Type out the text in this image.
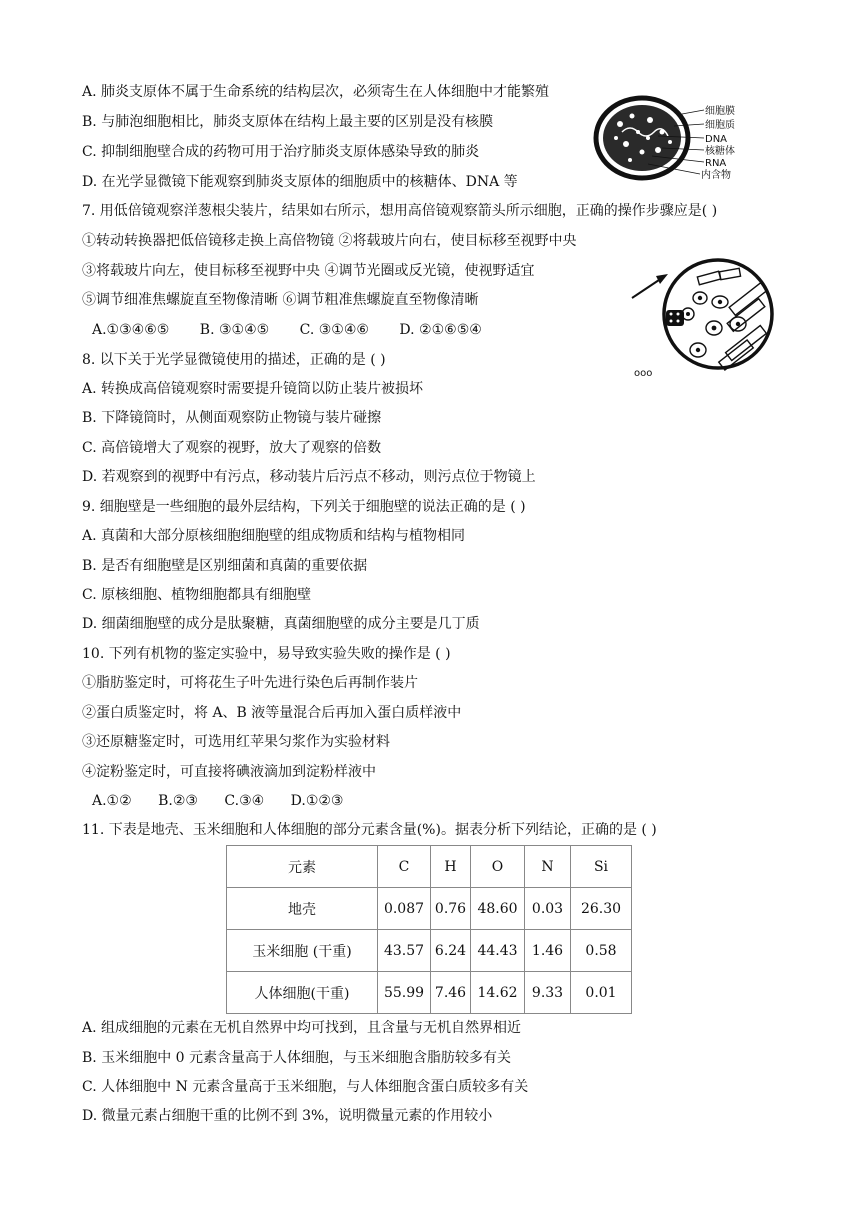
A. 肺炎支原体不属于生命系统的结构层次，必须寄生在人体细胞中才能繁殖
B. 与肺泡细胞相比，肺炎支原体在结构上最主要的区别是没有核膜
C. 抑制细胞壁合成的药物可用于治疗肺炎支原体感染导致的肺炎
D. 在光学显微镜下能观察到肺炎支原体的细胞质中的核糖体、DNA 等
细胞膜
细胞质
DNA
核糖体
RNA
内含物
7. 用低倍镜观察洋葱根尖装片，结果如右所示，想用高倍镜观察箭头所示细胞，正确的操作步骤应是( )
①转动转换器把低倍镜移走换上高倍物镜 ②将载玻片向右，使目标移至视野中央
③将载玻片向左，使目标移至视野中央 ④调节光圈或反光镜，使视野适宜
⑤调节细准焦螺旋直至物像清晰 ⑥调节粗准焦螺旋直至物像清晰
A.①③④⑥⑤ B. ③①④⑤ C. ③①④⑥ D. ②①⑥⑤④
ooo
8. 以下关于光学显微镜使用的描述，正确的是 ( )
A. 转换成高倍镜观察时需要提升镜筒以防止装片被损坏
B. 下降镜筒时，从侧面观察防止物镜与装片碰擦
C. 高倍镜增大了观察的视野，放大了观察的倍数
D. 若观察到的视野中有污点，移动装片后污点不移动，则污点位于物镜上
9. 细胞壁是一些细胞的最外层结构，下列关于细胞壁的说法正确的是 ( )
A. 真菌和大部分原核细胞细胞壁的组成物质和结构与植物相同
B. 是否有细胞壁是区别细菌和真菌的重要依据
C. 原核细胞、植物细胞都具有细胞壁
D. 细菌细胞壁的成分是肽聚糖，真菌细胞壁的成分主要是几丁质
10. 下列有机物的鉴定实验中，易导致实验失败的操作是 ( )
①脂肪鉴定时，可将花生子叶先进行染色后再制作装片
②蛋白质鉴定时，将 A、B 液等量混合后再加入蛋白质样液中
③还原糖鉴定时，可选用红苹果匀浆作为实验材料
④淀粉鉴定时，可直接将碘液滴加到淀粉样液中
A.①② B.②③ C.③④ D.①②③
11. 下表是地壳、玉米细胞和人体细胞的部分元素含量(%)。据表分析下列结论，正确的是 ( )
元素	C	H	O	N	Si
地壳	0.087	0.76	48.60	0.03	26.30
玉米细胞 (干重)	43.57	6.24	44.43	1.46	0.58
人体细胞(干重)	55.99	7.46	14.62	9.33	0.01
A. 组成细胞的元素在无机自然界中均可找到，且含量与无机自然界相近
B. 玉米细胞中 0 元素含量高于人体细胞，与玉米细胞含脂肪较多有关
C. 人体细胞中 N 元素含量高于玉米细胞，与人体细胞含蛋白质较多有关
D. 微量元素占细胞干重的比例不到 3%，说明微量元素的作用较小
